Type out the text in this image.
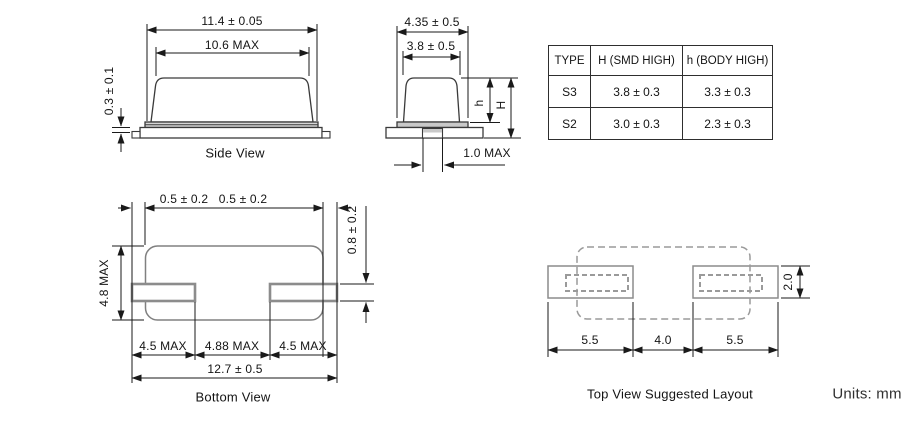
11.4 ± 0.05
10.6 MAX
0.3 ± 0.1
Side View
4.35 ± 0.5
3.8 ± 0.5
h H
1.0 MAX
TYPE	H (SMD HIGH)	h (BODY HIGH)
S3	3.8 ± 0.3	3.3 ± 0.3
S2	3.0 ± 0.3	2.3 ± 0.3
0.5 ± 0.2 0.5 ± 0.2
0.8 ± 0.2
4.8 MAX
4.5 MAX 4.88 MAX 4.5 MAX
12.7 ± 0.5
Bottom View
5.5	4.0	5.5
2.0
Top View Suggested Layout	Units: mm
